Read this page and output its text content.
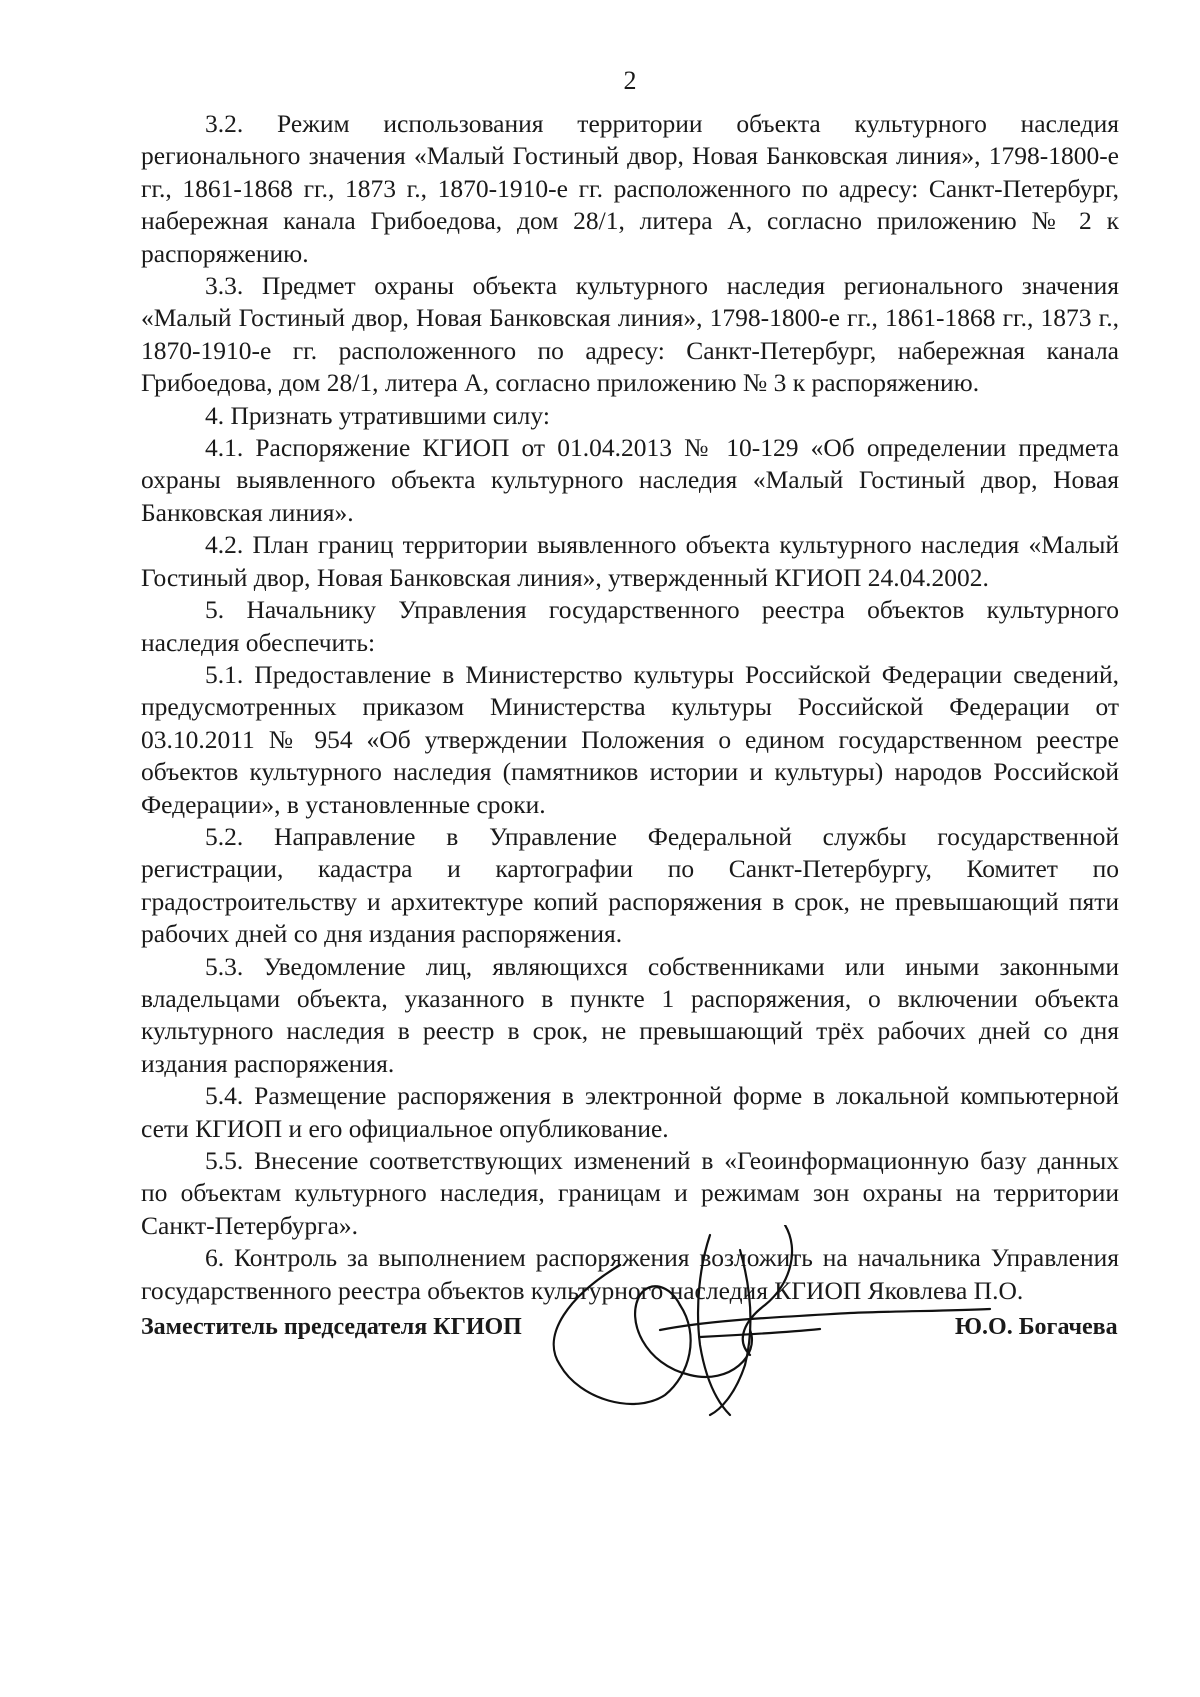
2

3.2. Режим использования территории объекта культурного наследия регионального значения «Малый Гостиный двор, Новая Банковская линия», 1798-1800-е гг., 1861-1868 гг., 1873 г., 1870-1910-е гг. расположенного по адресу: Санкт-Петербург, набережная канала Грибоедова, дом 28/1, литера А, согласно приложению № 2 к распоряжению.

3.3. Предмет охраны объекта культурного наследия регионального значения «Малый Гостиный двор, Новая Банковская линия», 1798-1800-е гг., 1861-1868 гг., 1873 г., 1870-1910-е гг. расположенного по адресу: Санкт-Петербург, набережная канала Грибоедова, дом 28/1, литера А, согласно приложению № 3 к распоряжению.

4. Признать утратившими силу:

4.1. Распоряжение КГИОП от 01.04.2013 № 10-129 «Об определении предмета охраны выявленного объекта культурного наследия «Малый Гостиный двор, Новая Банковская линия».

4.2. План границ территории выявленного объекта культурного наследия «Малый Гостиный двор, Новая Банковская линия», утвержденный КГИОП 24.04.2002.

5. Начальнику Управления государственного реестра объектов культурного наследия обеспечить:

5.1. Предоставление в Министерство культуры Российской Федерации сведений, предусмотренных приказом Министерства культуры Российской Федерации от 03.10.2011 № 954 «Об утверждении Положения о едином государственном реестре объектов культурного наследия (памятников истории и культуры) народов Российской Федерации», в установленные сроки.

5.2. Направление в Управление Федеральной службы государственной регистрации, кадастра и картографии по Санкт-Петербургу, Комитет по градостроительству и архитектуре копий распоряжения в срок, не превышающий пяти рабочих дней со дня издания распоряжения.

5.3. Уведомление лиц, являющихся собственниками или иными законными владельцами объекта, указанного в пункте 1 распоряжения, о включении объекта культурного наследия в реестр в срок, не превышающий трёх рабочих дней со дня издания распоряжения.

5.4. Размещение распоряжения в электронной форме в локальной компьютерной сети КГИОП и его официальное опубликование.

5.5. Внесение соответствующих изменений в «Геоинформационную базу данных по объектам культурного наследия, границам и режимам зон охраны на территории Санкт-Петербурга».

6. Контроль за выполнением распоряжения возложить на начальника Управления государственного реестра объектов культурного наследия КГИОП Яковлева П.О.

Заместитель председателя КГИОП	Ю.О. Богачева
